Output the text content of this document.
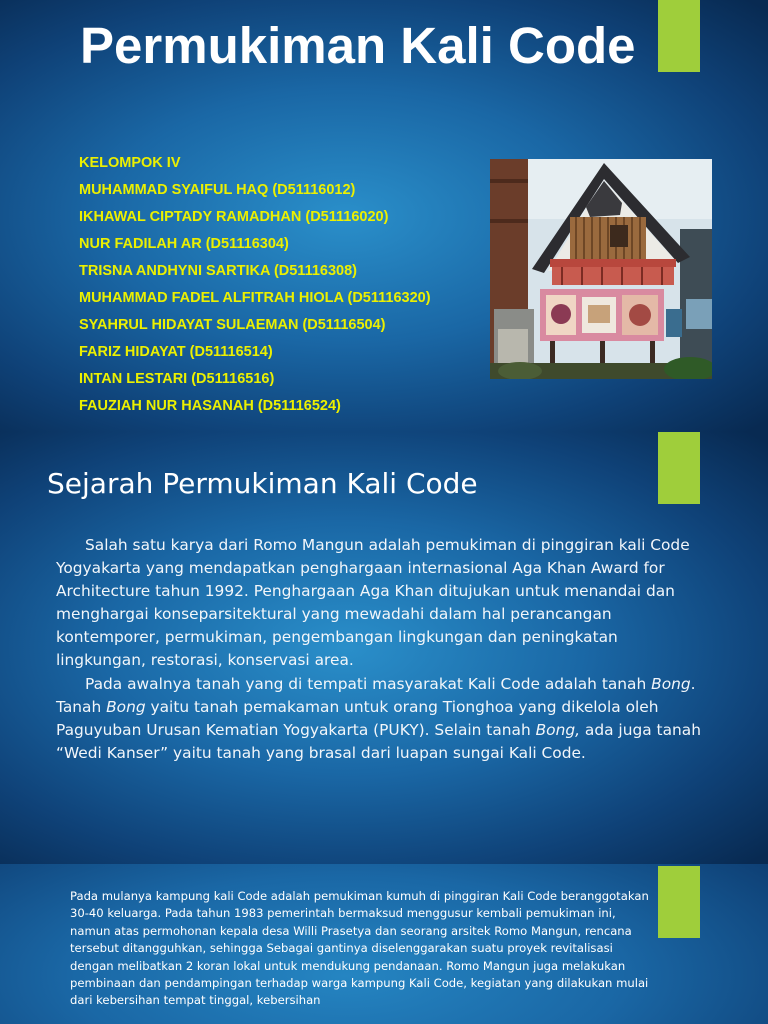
Permukiman Kali Code
KELOMPOK IV
MUHAMMAD SYAIFUL HAQ (D51116012)
IKHAWAL CIPTADY RAMADHAN (D51116020)
NUR FADILAH AR (D51116304)
TRISNA ANDHYNI SARTIKA (D51116308)
MUHAMMAD FADEL ALFITRAH HIOLA (D51116320)
SYAHRUL HIDAYAT SULAEMAN (D51116504)
FARIZ HIDAYAT (D51116514)
INTAN LESTARI (D51116516)
FAUZIAH NUR HASANAH (D51116524)
Sejarah Permukiman Kali Code

Salah satu karya dari Romo Mangun adalah pemukiman di pinggiran kali Code Yogyakarta yang mendapatkan penghargaan internasional Aga Khan Award for Architecture tahun 1992. Penghargaan Aga Khan ditujukan untuk menandai dan menghargai konseparsitektural yang mewadahi dalam hal perancangan kontemporer, permukiman, pengembangan lingkungan dan peningkatan lingkungan, restorasi, konservasi area.

Pada awalnya tanah yang di tempati masyarakat Kali Code adalah tanah Bong. Tanah Bong yaitu tanah pemakaman untuk orang Tionghoa yang dikelola oleh Paguyuban Urusan Kematian Yogyakarta (PUKY). Selain tanah Bong, ada juga tanah “Wedi Kanser” yaitu tanah yang brasal dari luapan sungai Kali Code.

Pada mulanya kampung kali Code adalah pemukiman kumuh di pinggiran Kali Code beranggotakan 30-40 keluarga. Pada tahun 1983 pemerintah bermaksud menggusur kembali pemukiman ini, namun atas permohonan kepala desa Willi Prasetya dan seorang arsitek Romo Mangun, rencana tersebut ditangguhkan, sehingga Sebagai gantinya diselenggarakan suatu proyek revitalisasi dengan melibatkan 2 koran lokal untuk mendukung pendanaan. Romo Mangun juga melakukan pembinaan dan pendampingan terhadap warga kampung Kali Code, kegiatan yang dilakukan mulai dari kebersihan tempat tinggal, kebersihan
